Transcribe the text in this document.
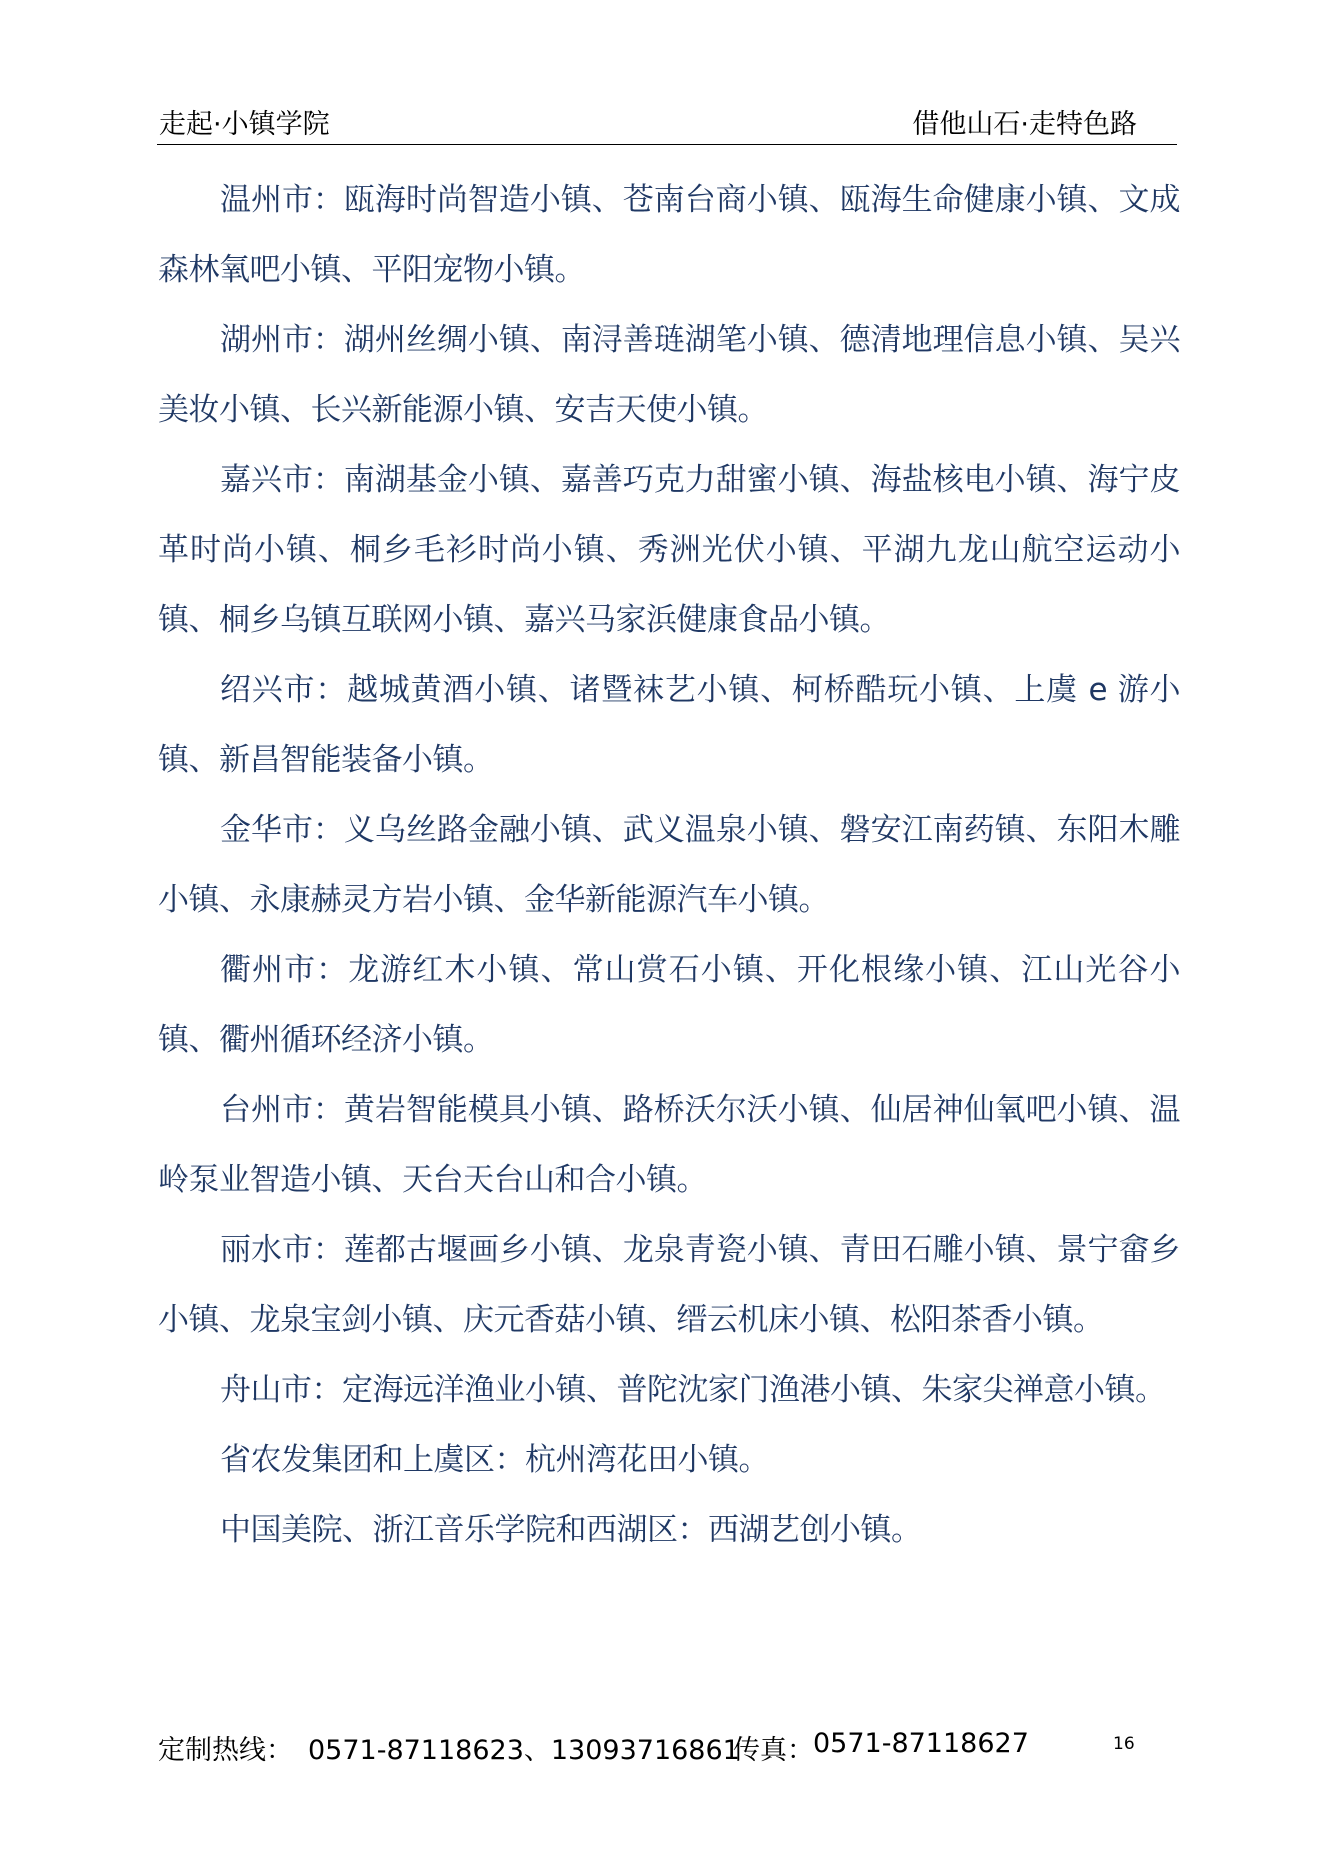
走起·小镇学院	借他山石·走特色路

温州市：瓯海时尚智造小镇、苍南台商小镇、瓯海生命健康小镇、文成森林氧吧小镇、平阳宠物小镇。

湖州市：湖州丝绸小镇、南浔善琏湖笔小镇、德清地理信息小镇、吴兴美妆小镇、长兴新能源小镇、安吉天使小镇。

嘉兴市：南湖基金小镇、嘉善巧克力甜蜜小镇、海盐核电小镇、海宁皮革时尚小镇、桐乡毛衫时尚小镇、秀洲光伏小镇、平湖九龙山航空运动小镇、桐乡乌镇互联网小镇、嘉兴马家浜健康食品小镇。

绍兴市：越城黄酒小镇、诸暨袜艺小镇、柯桥酷玩小镇、上虞 e 游小镇、新昌智能装备小镇。

金华市：义乌丝路金融小镇、武义温泉小镇、磐安江南药镇、东阳木雕小镇、永康赫灵方岩小镇、金华新能源汽车小镇。

衢州市：龙游红木小镇、常山赏石小镇、开化根缘小镇、江山光谷小镇、衢州循环经济小镇。

台州市：黄岩智能模具小镇、路桥沃尔沃小镇、仙居神仙氧吧小镇、温岭泵业智造小镇、天台天台山和合小镇。

丽水市：莲都古堰画乡小镇、龙泉青瓷小镇、青田石雕小镇、景宁畲乡小镇、龙泉宝剑小镇、庆元香菇小镇、缙云机床小镇、松阳茶香小镇。

舟山市：定海远洋渔业小镇、普陀沈家门渔港小镇、朱家尖禅意小镇。

省农发集团和上虞区：杭州湾花田小镇。

中国美院、浙江音乐学院和西湖区：西湖艺创小镇。

定制热线： 0571-87118623、13093716861
传真： 0571-87118627	16
